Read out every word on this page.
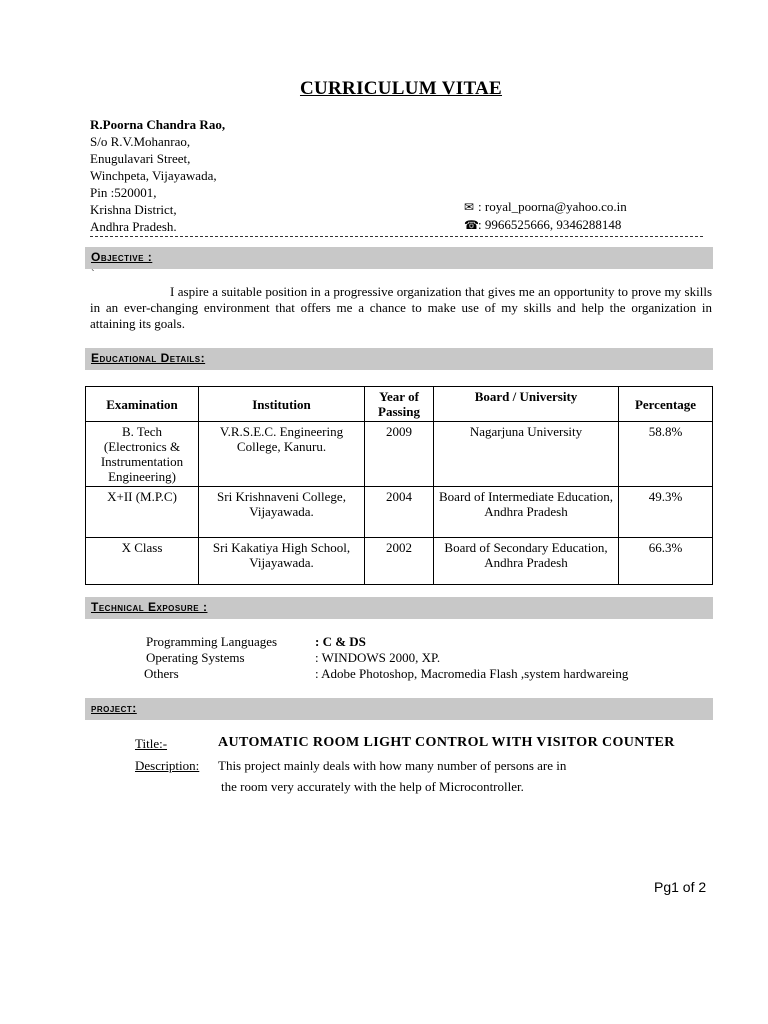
CURRICULUM VITAE
R.Poorna Chandra Rao,
S/o R.V.Mohanrao,
Enugulavari Street,
Winchpeta, Vijayawada,
Pin :520001,
Krishna District,
Andhra Pradesh.
✉ : royal_poorna@yahoo.co.in
☎: 9966525666, 9346288148
Objective :
`
I aspire a suitable position in a progressive organization that gives me an opportunity to prove my skills in an ever-changing environment that offers me a chance to make use of my skills and help the organization in attaining its goals.
Educational Details:
Examination	Institution	Year of Passing	Board / University	Percentage
B. Tech (Electronics & Instrumentation Engineering)	V.R.S.E.C. Engineering College, Kanuru.	2009	Nagarjuna University	58.8%
X+II (M.P.C)	Sri Krishnaveni College, Vijayawada.	2004	Board of Intermediate Education, Andhra Pradesh	49.3%
X Class	Sri Kakatiya High School, Vijayawada.	2002	Board of Secondary Education, Andhra Pradesh	66.3%
Technical Exposure :
Programming Languages	: C & DS
Operating Systems	: WINDOWS 2000, XP.
Others	: Adobe Photoshop, Macromedia Flash ,system hardwareing
project:
Title:-	AUTOMATIC ROOM LIGHT CONTROL WITH VISITOR COUNTER
Description: This project mainly deals with how many number of persons are in
the room very accurately with the help of Microcontroller.
Pg1 of 2
